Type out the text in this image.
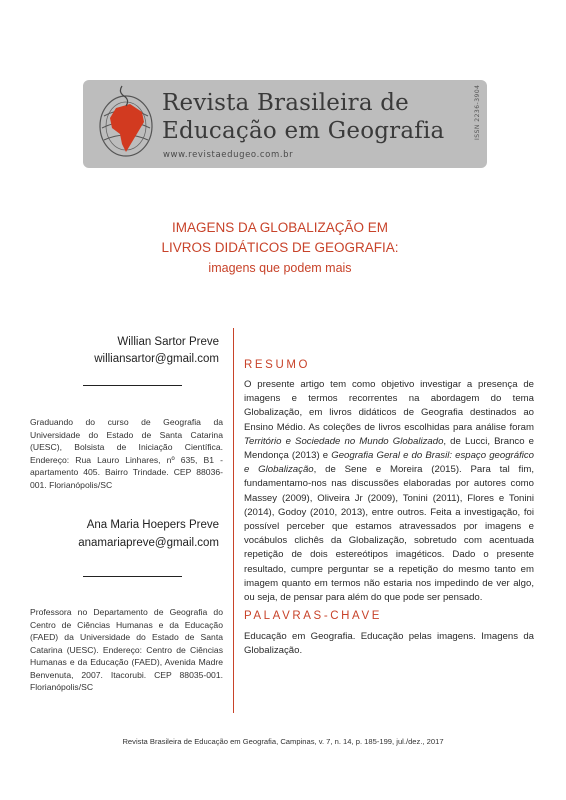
Revista Brasileira de
Educação em Geografia
www.revistaedugeo.com.br
ISSN 2236-3904
IMAGENS DA GLOBALIZAÇÃO EM
LIVROS DIDÁTICOS DE GEOGRAFIA:
imagens que podem mais
Willian Sartor Preve
williansartor@gmail.com
Graduando do curso de Geografia da Universidade do Estado de Santa Catarina (UESC), Bolsista de Iniciação Científica. Endereço: Rua Lauro Linhares, nº 635, B1 - apartamento 405. Bairro Trindade. CEP 88036-001. Florianópolis/SC
Ana Maria Hoepers Preve
anamariapreve@gmail.com
Professora no Departamento de Geografia do Centro de Ciências Humanas e da Educação (FAED) da Universidade do Estado de Santa Catarina (UESC). Endereço: Centro de Ciências Humanas e da Educação (FAED), Avenida Madre Benvenuta, 2007. Itacorubi. CEP 88035-001. Florianópolis/SC
RESUMO
O presente artigo tem como objetivo investigar a presença de imagens e termos recorrentes na abordagem do tema Globalização, em livros didáticos de Geografia destinados ao Ensino Médio. As coleções de livros escolhidas para análise foram Território e Sociedade no Mundo Globalizado, de Lucci, Branco e Mendonça (2013) e Geografia Geral e do Brasil: espaço geográfico e Globalização, de Sene e Moreira (2015). Para tal fim, fundamentamo-nos nas discussões elaboradas por autores como Massey (2009), Oliveira Jr (2009), Tonini (2011), Flores e Tonini (2014), Godoy (2010, 2013), entre outros. Feita a investigação, foi possível perceber que estamos atravessados por imagens e vocábulos clichês da Globalização, sobretudo com acentuada repetição de dois estereótipos imagéticos. Dado o presente resultado, cumpre perguntar se a repetição do mesmo tanto em imagem quanto em termos não estaria nos impedindo de ver algo, ou seja, de pensar para além do que pode ser pensado.
PALAVRAS-CHAVE
Educação em Geografia. Educação pelas imagens. Imagens da Globalização.
Revista Brasileira de Educação em Geografia, Campinas, v. 7, n. 14, p. 185-199, jul./dez., 2017
